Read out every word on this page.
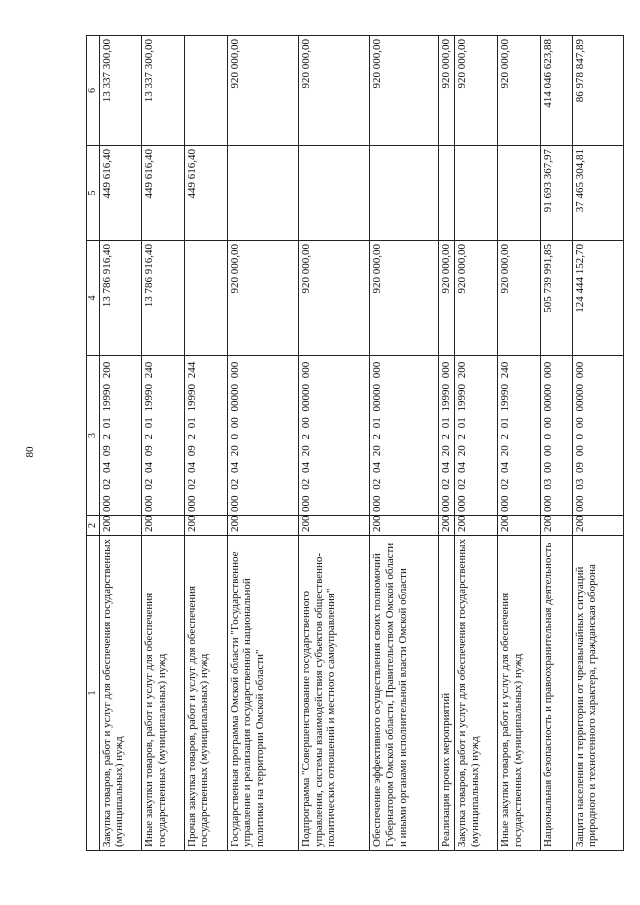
80
1	2	3	4	5	6
Закупка товаров, работ и услуг для обеспечения государственных (муниципальных) нужд	200	000 02 04 09 2 01 19990 200	13 786 916,40	449 616,40	13 337 300,00
Иные закупки товаров, работ и услуг для обеспечения государственных (муниципальных) нужд	200	000 02 04 09 2 01 19990 240	13 786 916,40	449 616,40	13 337 300,00
Прочая закупка товаров, работ и услуг для обеспечения государственных (муниципальных) нужд	200	000 02 04 09 2 01 19990 244		449 616,40	
Государственная программа Омской области "Государственное управление и реализация государственной национальной политики на территории Омской области"	200	000 02 04 20 0 00 00000 000	920 000,00		920 000,00
Подпрограмма "Совершенствование государственного управления, системы взаимодействия субъектов общественно-политических отношений и местного самоуправления"	200	000 02 04 20 2 00 00000 000	920 000,00		920 000,00
Обеспечение эффективного осуществления своих полномочий Губернатором Омской области, Правительством Омской области и иными органами исполнительной власти Омской области	200	000 02 04 20 2 01 00000 000	920 000,00		920 000,00
Реализация прочих мероприятий	200	000 02 04 20 2 01 19990 000	920 000,00		920 000,00
Закупка товаров, работ и услуг для обеспечения государственных (муниципальных) нужд	200	000 02 04 20 2 01 19990 200	920 000,00		920 000,00
Иные закупки товаров, работ и услуг для обеспечения государственных (муниципальных) нужд	200	000 02 04 20 2 01 19990 240	920 000,00		920 000,00
Национальная безопасность и правоохранительная деятельность	200	000 03 00 00 0 00 00000 000	505 739 991,85	91 693 367,97	414 046 623,88
Защита населения и территории от чрезвычайных ситуаций природного и техногенного характера, гражданская оборона	200	000 03 09 00 0 00 00000 000	124 444 152,70	37 465 304,81	86 978 847,89
